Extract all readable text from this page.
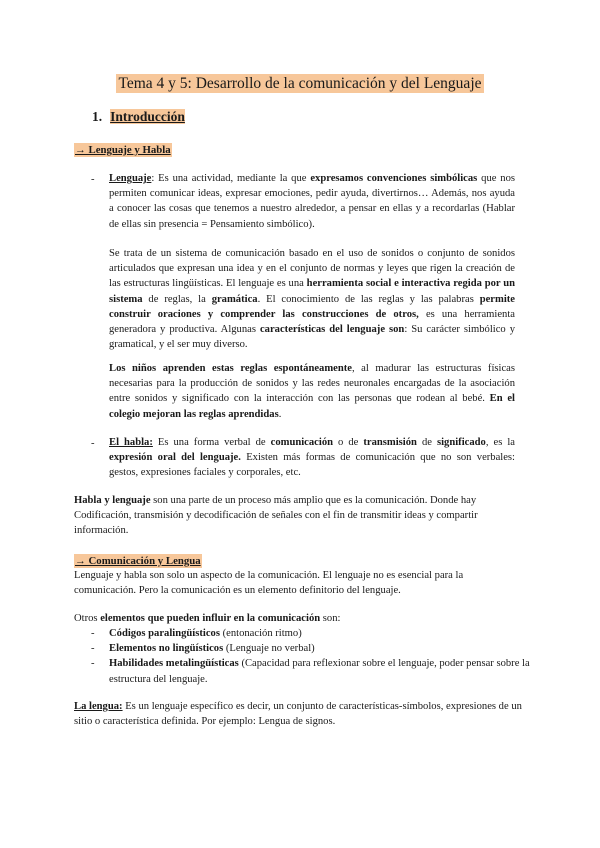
Tema 4 y 5: Desarrollo de la comunicación y del Lenguaje
1. Introducción
→ Lenguaje y Habla
- Lenguaje: Es una actividad, mediante la que expresamos convenciones simbólicas que nos permiten comunicar ideas, expresar emociones, pedir ayuda, divertirnos… Además, nos ayuda a conocer las cosas que tenemos a nuestro alrededor, a pensar en ellas y a recordarlas (Hablar de ellas sin presencia = Pensamiento simbólico).
Se trata de un sistema de comunicación basado en el uso de sonidos o conjunto de sonidos articulados que expresan una idea y en el conjunto de normas y leyes que rigen la creación de las estructuras lingüísticas. El lenguaje es una herramienta social e interactiva regida por un sistema de reglas, la gramática. El conocimiento de las reglas y las palabras permite construir oraciones y comprender las construcciones de otros, es una herramienta generadora y productiva. Algunas características del lenguaje son: Su carácter simbólico y gramatical, y el ser muy diverso.
Los niños aprenden estas reglas espontáneamente, al madurar las estructuras físicas necesarias para la producción de sonidos y las redes neuronales encargadas de la asociación entre sonidos y significado con la interacción con las personas que rodean al bebé. En el colegio mejoran las reglas aprendidas.
- El habla: Es una forma verbal de comunicación o de transmisión de significado, es la expresión oral del lenguaje. Existen más formas de comunicación que no son verbales: gestos, expresiones faciales y corporales, etc.
Habla y lenguaje son una parte de un proceso más amplio que es la comunicación. Donde hay Codificación, transmisión y decodificación de señales con el fin de transmitir ideas y compartir información.
→ Comunicación y Lengua
Lenguaje y habla son solo un aspecto de la comunicación. El lenguaje no es esencial para la comunicación. Pero la comunicación es un elemento definitorio del lenguaje.
Otros elementos que pueden influir en la comunicación son:
-	Códigos paralingüísticos (entonación ritmo)
-	Elementos no lingüísticos (Lenguaje no verbal)
-	Habilidades metalingüísticas (Capacidad para reflexionar sobre el lenguaje, poder pensar sobre la estructura del lenguaje.
La lengua: Es un lenguaje específico es decir, un conjunto de características-símbolos, expresiones de un sitio o característica definida. Por ejemplo: Lengua de signos.
